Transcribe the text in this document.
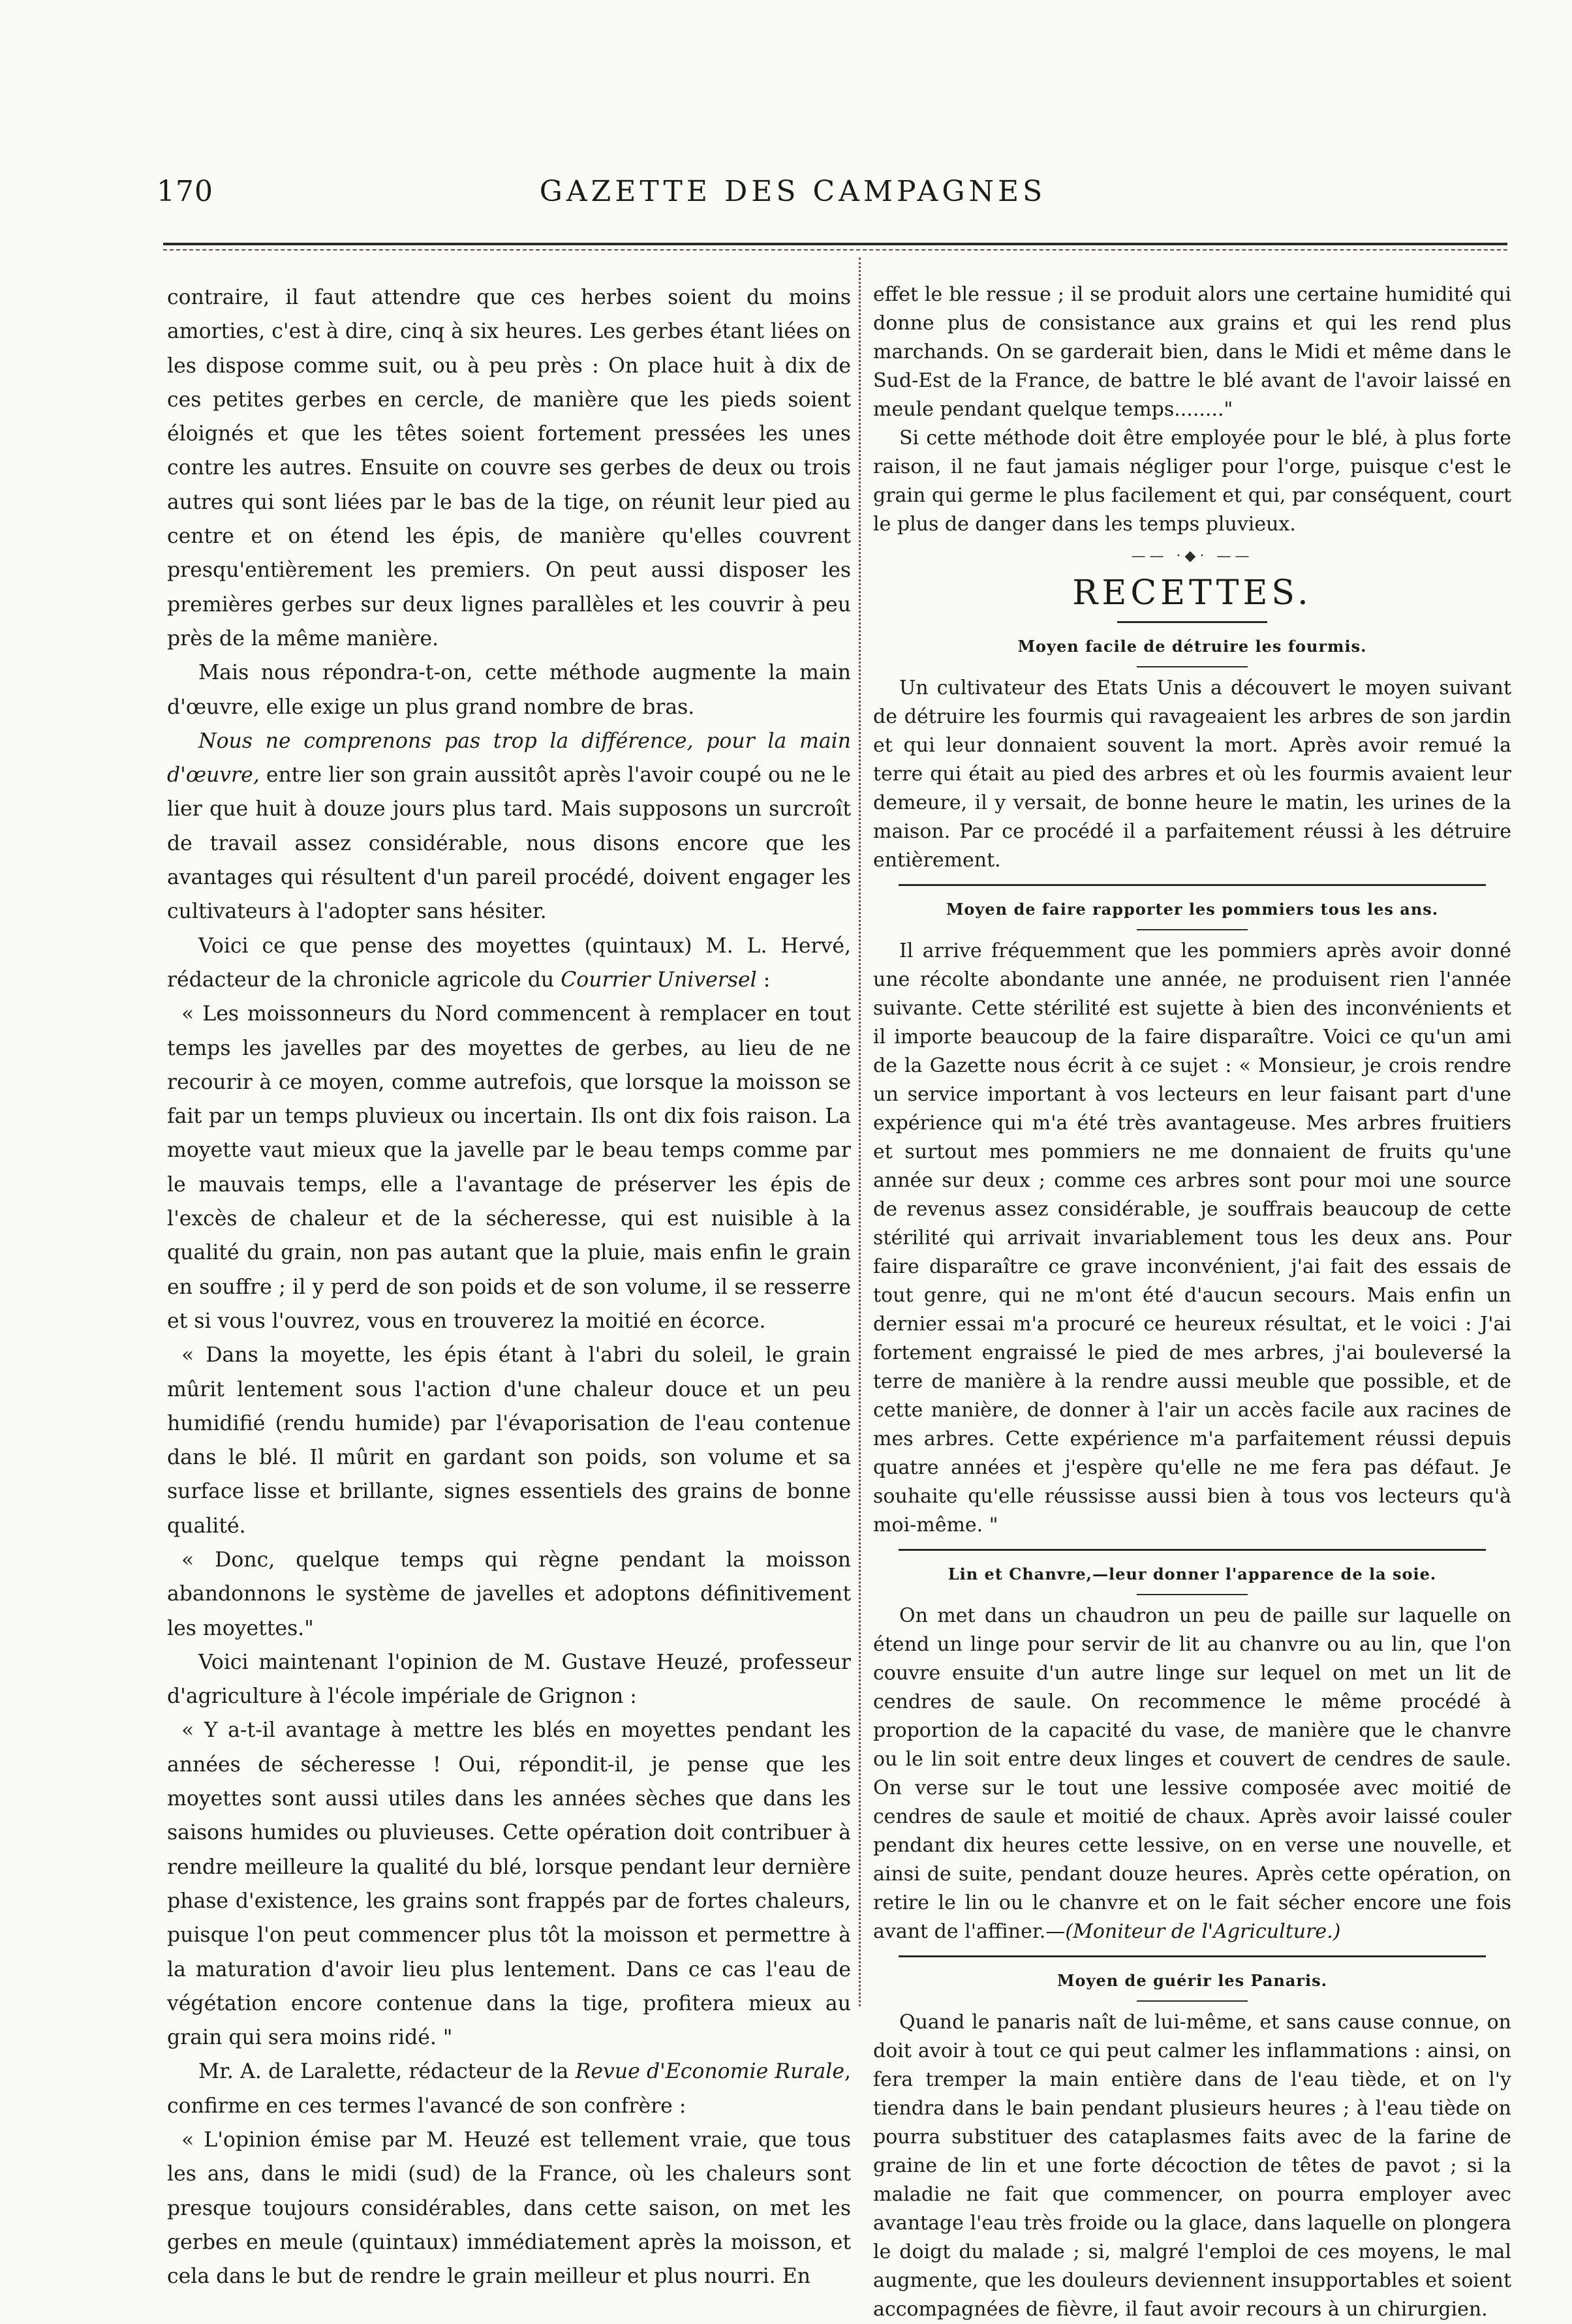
170	GAZETTE DES CAMPAGNES

contraire, il faut attendre que ces herbes soient du moins amorties, c'est à dire, cinq à six heures. Les gerbes étant liées on les dispose comme suit, ou à peu près : On place huit à dix de ces petites gerbes en cercle, de manière que les pieds soient éloignés et que les têtes soient fortement pressées les unes contre les autres. Ensuite on couvre ses gerbes de deux ou trois autres qui sont liées par le bas de la tige, on réunit leur pied au centre et on étend les épis, de manière qu'elles couvrent presqu'entièrement les premiers. On peut aussi disposer les premières gerbes sur deux lignes parallèles et les couvrir à peu près de la même manière.

Mais nous répondra-t-on, cette méthode augmente la main d'œuvre, elle exige un plus grand nombre de bras.

Nous ne comprenons pas trop la différence, pour la main d'œuvre, entre lier son grain aussitôt après l'avoir coupé ou ne le lier que huit à douze jours plus tard. Mais supposons un surcroît de travail assez considérable, nous disons encore que les avantages qui résultent d'un pareil procédé, doivent engager les cultivateurs à l'adopter sans hésiter.

Voici ce que pense des moyettes (quintaux) M. L. Hervé, rédacteur de la chronicle agricole du Courrier Universel :

« Les moissonneurs du Nord commencent à remplacer en tout temps les javelles par des moyettes de gerbes, au lieu de ne recourir à ce moyen, comme autrefois, que lorsque la moisson se fait par un temps pluvieux ou incertain. Ils ont dix fois raison. La moyette vaut mieux que la javelle par le beau temps comme par le mauvais temps, elle a l'avantage de préserver les épis de l'excès de chaleur et de la sécheresse, qui est nuisible à la qualité du grain, non pas autant que la pluie, mais enfin le grain en souffre ; il y perd de son poids et de son volume, il se resserre et si vous l'ouvrez, vous en trouverez la moitié en écorce.

« Dans la moyette, les épis étant à l'abri du soleil, le grain mûrit lentement sous l'action d'une chaleur douce et un peu humidifié (rendu humide) par l'évaporisation de l'eau contenue dans le blé. Il mûrit en gardant son poids, son volume et sa surface lisse et brillante, signes essentiels des grains de bonne qualité.

« Donc, quelque temps qui règne pendant la moisson abandonnons le système de javelles et adoptons définitivement les moyettes."

Voici maintenant l'opinion de M. Gustave Heuzé, professeur d'agriculture à l'école impériale de Grignon :

« Y a-t-il avantage à mettre les blés en moyettes pendant les années de sécheresse ! Oui, répondit-il, je pense que les moyettes sont aussi utiles dans les années sèches que dans les saisons humides ou pluvieuses. Cette opération doit contribuer à rendre meilleure la qualité du blé, lorsque pendant leur dernière phase d'existence, les grains sont frappés par de fortes chaleurs, puisque l'on peut commencer plus tôt la moisson et permettre à la maturation d'avoir lieu plus lentement. Dans ce cas l'eau de végétation encore contenue dans la tige, profitera mieux au grain qui sera moins ridé. "

Mr. A. de Laralette, rédacteur de la Revue d'Economie Rurale, confirme en ces termes l'avancé de son confrère :

« L'opinion émise par M. Heuzé est tellement vraie, que tous les ans, dans le midi (sud) de la France, où les chaleurs sont presque toujours considérables, dans cette saison, on met les gerbes en meule (quintaux) immédiatement après la moisson, et cela dans le but de rendre le grain meilleur et plus nourri. En

effet le ble ressue ; il se produit alors une certaine humidité qui donne plus de consistance aux grains et qui les rend plus marchands. On se garderait bien, dans le Midi et même dans le Sud-Est de la France, de battre le blé avant de l'avoir laissé en meule pendant quelque temps........"

Si cette méthode doit être employée pour le blé, à plus forte raison, il ne faut jamais négliger pour l'orge, puisque c'est le grain qui germe le plus facilement et qui, par conséquent, court le plus de danger dans les temps pluvieux.

—— ·◆· ——
RECETTES.
Moyen facile de détruire les fourmis.

Un cultivateur des Etats Unis a découvert le moyen suivant de détruire les fourmis qui ravageaient les arbres de son jardin et qui leur donnaient souvent la mort. Après avoir remué la terre qui était au pied des arbres et où les fourmis avaient leur demeure, il y versait, de bonne heure le matin, les urines de la maison. Par ce procédé il a parfaitement réussi à les détruire entièrement.

Moyen de faire rapporter les pommiers tous les ans.

Il arrive fréquemment que les pommiers après avoir donné une récolte abondante une année, ne produisent rien l'année suivante. Cette stérilité est sujette à bien des inconvénients et il importe beaucoup de la faire disparaître. Voici ce qu'un ami de la Gazette nous écrit à ce sujet : « Monsieur, je crois rendre un service important à vos lecteurs en leur faisant part d'une expérience qui m'a été très avantageuse. Mes arbres fruitiers et surtout mes pommiers ne me donnaient de fruits qu'une année sur deux ; comme ces arbres sont pour moi une source de revenus assez considérable, je souffrais beaucoup de cette stérilité qui arrivait invariablement tous les deux ans. Pour faire disparaître ce grave inconvénient, j'ai fait des essais de tout genre, qui ne m'ont été d'aucun secours. Mais enfin un dernier essai m'a procuré ce heureux résultat, et le voici : J'ai fortement engraissé le pied de mes arbres, j'ai bouleversé la terre de manière à la rendre aussi meuble que possible, et de cette manière, de donner à l'air un accès facile aux racines de mes arbres. Cette expérience m'a parfaitement réussi depuis quatre années et j'espère qu'elle ne me fera pas défaut. Je souhaite qu'elle réussisse aussi bien à tous vos lecteurs qu'à moi-même. "

Lin et Chanvre,—leur donner l'apparence de la soie.

On met dans un chaudron un peu de paille sur laquelle on étend un linge pour servir de lit au chanvre ou au lin, que l'on couvre ensuite d'un autre linge sur lequel on met un lit de cendres de saule. On recommence le même procédé à proportion de la capacité du vase, de manière que le chanvre ou le lin soit entre deux linges et couvert de cendres de saule. On verse sur le tout une lessive composée avec moitié de cendres de saule et moitié de chaux. Après avoir laissé couler pendant dix heures cette lessive, on en verse une nouvelle, et ainsi de suite, pendant douze heures. Après cette opération, on retire le lin ou le chanvre et on le fait sécher encore une fois avant de l'affiner.—(Moniteur de l'Agriculture.)

Moyen de guérir les Panaris.

Quand le panaris naît de lui-même, et sans cause connue, on doit avoir à tout ce qui peut calmer les inflammations : ainsi, on fera tremper la main entière dans de l'eau tiède, et on l'y tiendra dans le bain pendant plusieurs heures ; à l'eau tiède on pourra substituer des cataplasmes faits avec de la farine de graine de lin et une forte décoction de têtes de pavot ; si la maladie ne fait que commencer, on pourra employer avec avantage l'eau très froide ou la glace, dans laquelle on plongera le doigt du malade ; si, malgré l'emploi de ces moyens, le mal augmente, que les douleurs deviennent insupportables et soient accompagnées de fièvre, il faut avoir recours à un chirurgien.
